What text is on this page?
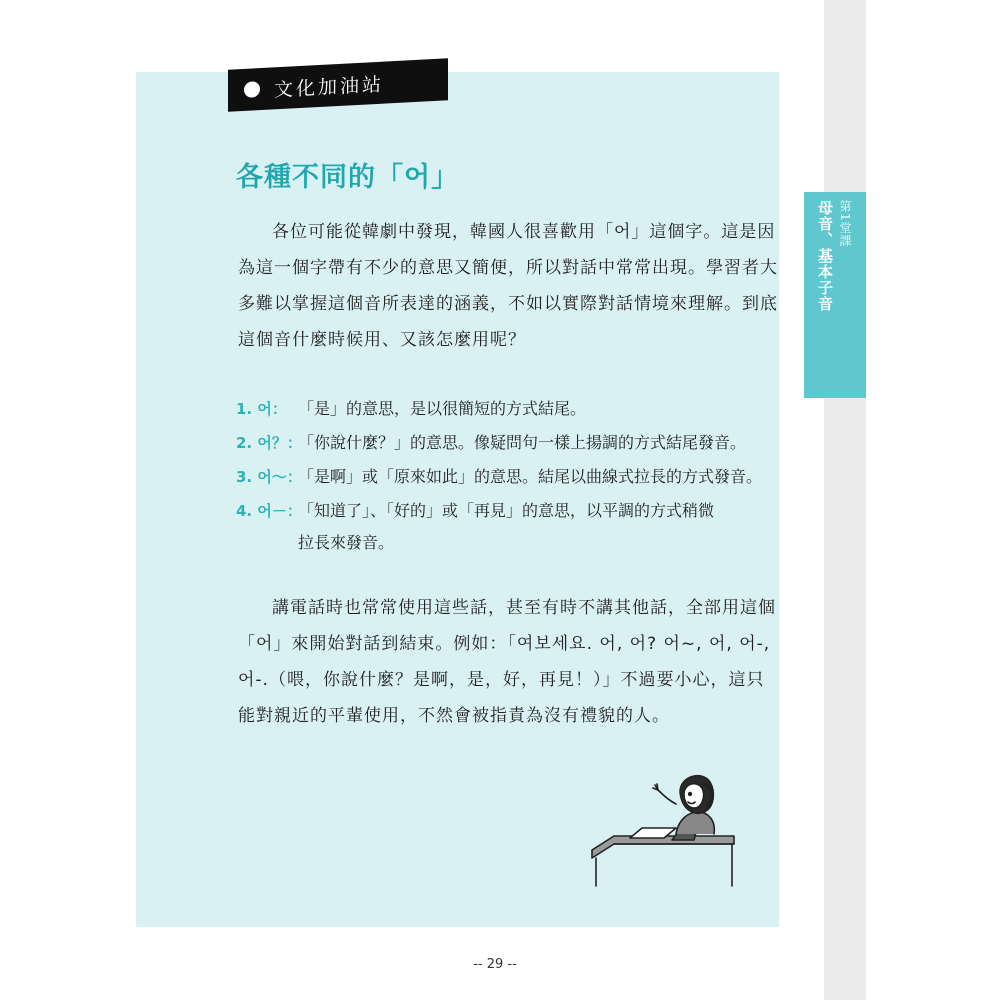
第1堂課
母音、基本子音
文化加油站
各種不同的「어」
各位可能從韓劇中發現，韓國人很喜歡用「어」這個字。這是因
為這一個字帶有不少的意思又簡便，所以對話中常常出現。學習者大
多難以掌握這個音所表達的涵義，不如以實際對話情境來理解。到底
這個音什麼時候用、又該怎麼用呢？
1. 어： 「是」的意思，是以很簡短的方式結尾。
2. 어？：
「你說什麼？」的意思。像疑問句一樣上揚調的方式結尾發音。
3. 어～：
「是啊」或「原來如此」的意思。結尾以曲線式拉長的方式發音。
4. 어－：
「知道了」、「好的」或「再見」的意思，以平調的方式稍微
拉長來發音。
講電話時也常常使用這些話，甚至有時不講其他話，全部用這個
「어」來開始對話到結束。例如：「여보세요. 어, 어? 어~, 어, 어-,
어-.（喂，你說什麼？是啊，是，好，再見！）」不過要小心，這只
能對親近的平輩使用，不然會被指責為沒有禮貌的人。
-- 29 --
